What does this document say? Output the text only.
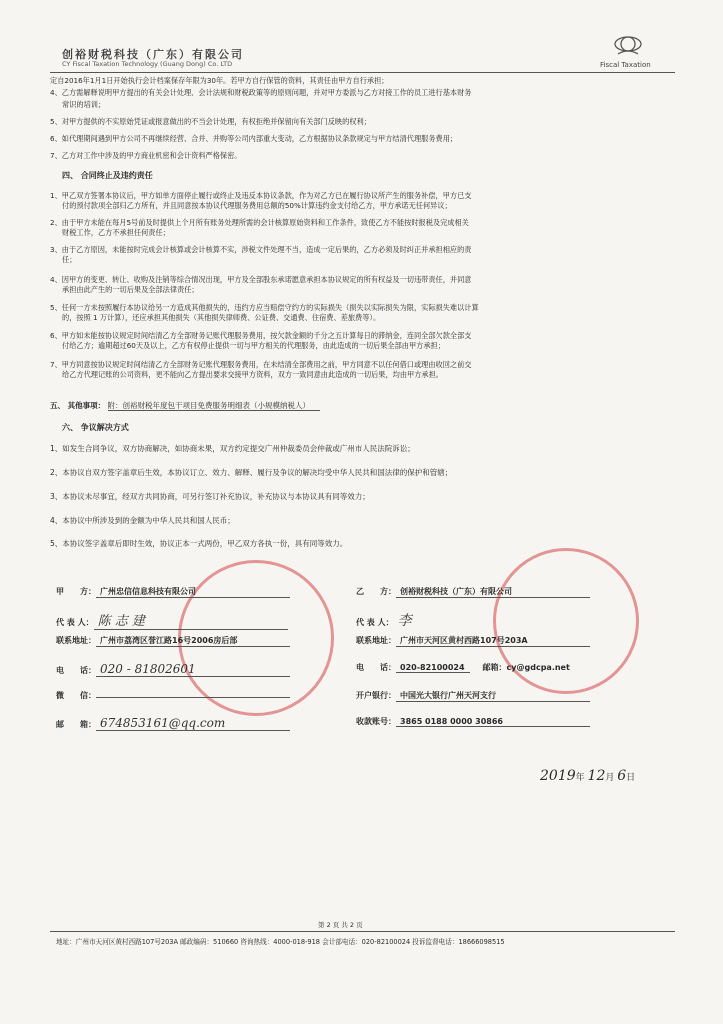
创裕财税科技（广东）有限公司
CY Fiscal Taxation Technology (Guang Dong) Co. LTD	Fiscal Taxation
定自2016年1月1日开始执行会计档案保存年限为30年。若甲方自行保管的资料，其责任由甲方自行承担；
4、乙方需解释说明甲方提出的有关会计处理、会计法规和财税政策等的原则问题，并对甲方委派与乙方对接工作的员工进行基本财务
常识的培训；
5、对甲方提供的不实原始凭证或报意做出的不当会计处理，有权拒绝并保留向有关部门反映的权利；
6、如代理期间遇到甲方公司不再继续经营、合并、并购等公司内部重大变动，乙方根据协议条款规定与甲方结清代理服务费用；
7、乙方对工作中涉及的甲方商业机密和会计资料严格保密。
四、 合同终止及违约责任

1、甲乙双方签署本协议后，甲方如单方面停止履行或终止及违反本协议条款，作为对乙方已在履行协议所产生的服务补偿，甲方已支

付的预付款项全部归乙方所有，并且同意按本协议代理服务费用总额的50%计算违约金支付给乙方，甲方承诺无任何异议；

2、由于甲方未能在每月5号前及时提供上个月所有账务处理所需的会计核算原始资料和工作条件，致使乙方不能按时报税及完成相关

财税工作，乙方不承担任何责任；

3、由于乙方原因，未能按时完成会计核算或会计核算不实，涉税文件处理不当，造成一定后果的，乙方必须及时纠正并承担相应的责

任；

4、因甲方的变更、转让、收购及注销等综合情况出现，甲方及全部股东承诺愿意承担本协议规定的所有权益及一切违带责任，并同意

承担由此产生的一切后果及全部法律责任；

5、任何一方未按照履行本协议给另一方造成其他损失的，违约方应当赔偿守约方的实际损失（损失以实际损失为限，实际损失难以计算

的，按照 1 万计算），还应承担其他损失（其他损失律师费、公证费、交通费、住宿费、差旅费等）。

6、甲方如未能按协议规定时间结清乙方全部财务记账代理服务费用，按欠款金额的千分之五计算每日的滞纳金，连同全部欠款全部支

付给乙方；逾期超过60天及以上，乙方有权停止提供一切与甲方相关的代理服务，由此造成的一切后果全部由甲方承担；

7、甲方同意按协议规定时间结清乙方全部财务记账代理服务费用，在未结清全部费用之前，甲方同意不以任何借口或理由收回之前交

给乙方代理记账的公司资料，更不能向乙方提出要求交接甲方资料，双方一致同意由此造成的一切后果，均由甲方承担。

五、 其他事项： 附：创裕财税年度包干项目免费服务明细表（小规模纳税人）
六、 争议解决方式
1、如发生合同争议，双方协商解决，如协商未果，双方约定提交广州仲裁委员会仲裁或广州市人民法院诉讼；
2、本协议自双方签字盖章后生效，本协议订立、效力、解释、履行及争议的解决均受中华人民共和国法律的保护和管辖；
3、本协议未尽事宜，经双方共同协商，可另行签订补充协议，补充协议与本协议具有同等效力；
4、本协议中所涉及到的金额为中华人民共和国人民币；
5、本协议签字盖章后即时生效，协议正本一式两份，甲乙双方各执一份，具有同等效力。
甲　　方： 广州忠信信息科技有限公司
代 表 人： 陈 志 建
联系地址： 广州市荔湾区誉江路16号2006房后部
电　　话： 020 - 81802601
微　　信：
邮　　箱： 674853161@qq.com
乙　　方： 创裕财税科技（广东）有限公司
代 表 人： 李
联系地址： 广州市天河区黄村西路107号203A
电　　话： 020-82100024 邮箱：cy@gdcpa.net
开户银行： 中国光大银行广州天河支行
收款账号： 3865 0188 0000 30866
2019年 12月 6日
第 2 页 共 2 页
地址：广州市天河区黄村西路107号203A 邮政编码：510660 咨询热线：4000-018-918 会计部电话：020-82100024 投诉监督电话：18666098515
